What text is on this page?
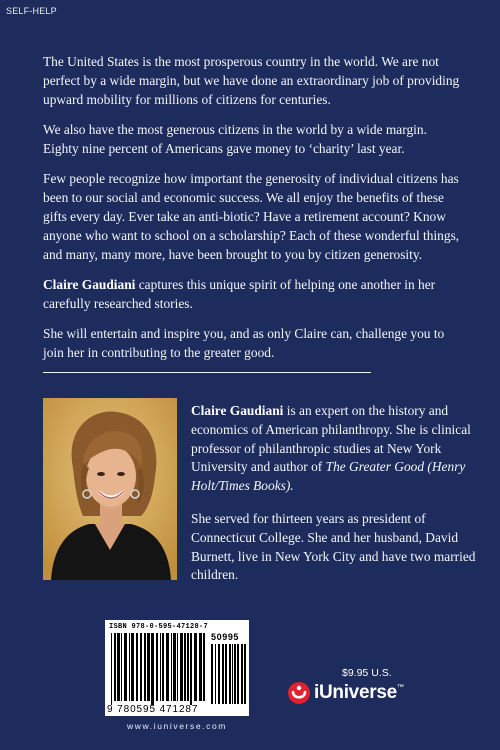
SELF-HELP

The United States is the most prosperous country in the world. We are not perfect by a wide margin, but we have done an extraordinary job of providing upward mobility for millions of citizens for centuries.

We also have the most generous citizens in the world by a wide margin. Eighty nine percent of Americans gave money to ‘charity’ last year.

Few people recognize how important the generosity of individual citizens has been to our social and economic success. We all enjoy the benefits of these gifts every day. Ever take an anti-biotic? Have a retirement account? Know anyone who want to school on a scholarship? Each of these wonderful things, and many, many more, have been brought to you by citizen generosity.

Claire Gaudiani captures this unique spirit of helping one another in her carefully researched stories.

She will entertain and inspire you, and as only Claire can, challenge you to join her in contributing to the greater good.

Claire Gaudiani is an expert on the history and economics of American philanthropy. She is clinical professor of philanthropic studies at New York University and author of The Greater Good (Henry Holt/Times Books).

She served for thirteen years as president of Connecticut College. She and her husband, David Burnett, live in New York City and have two married children.

ISBN 978-0-595-47128-7
50995
9 780595 471287
www.iuniverse.com
$9.95 U.S.
iUniverse™
